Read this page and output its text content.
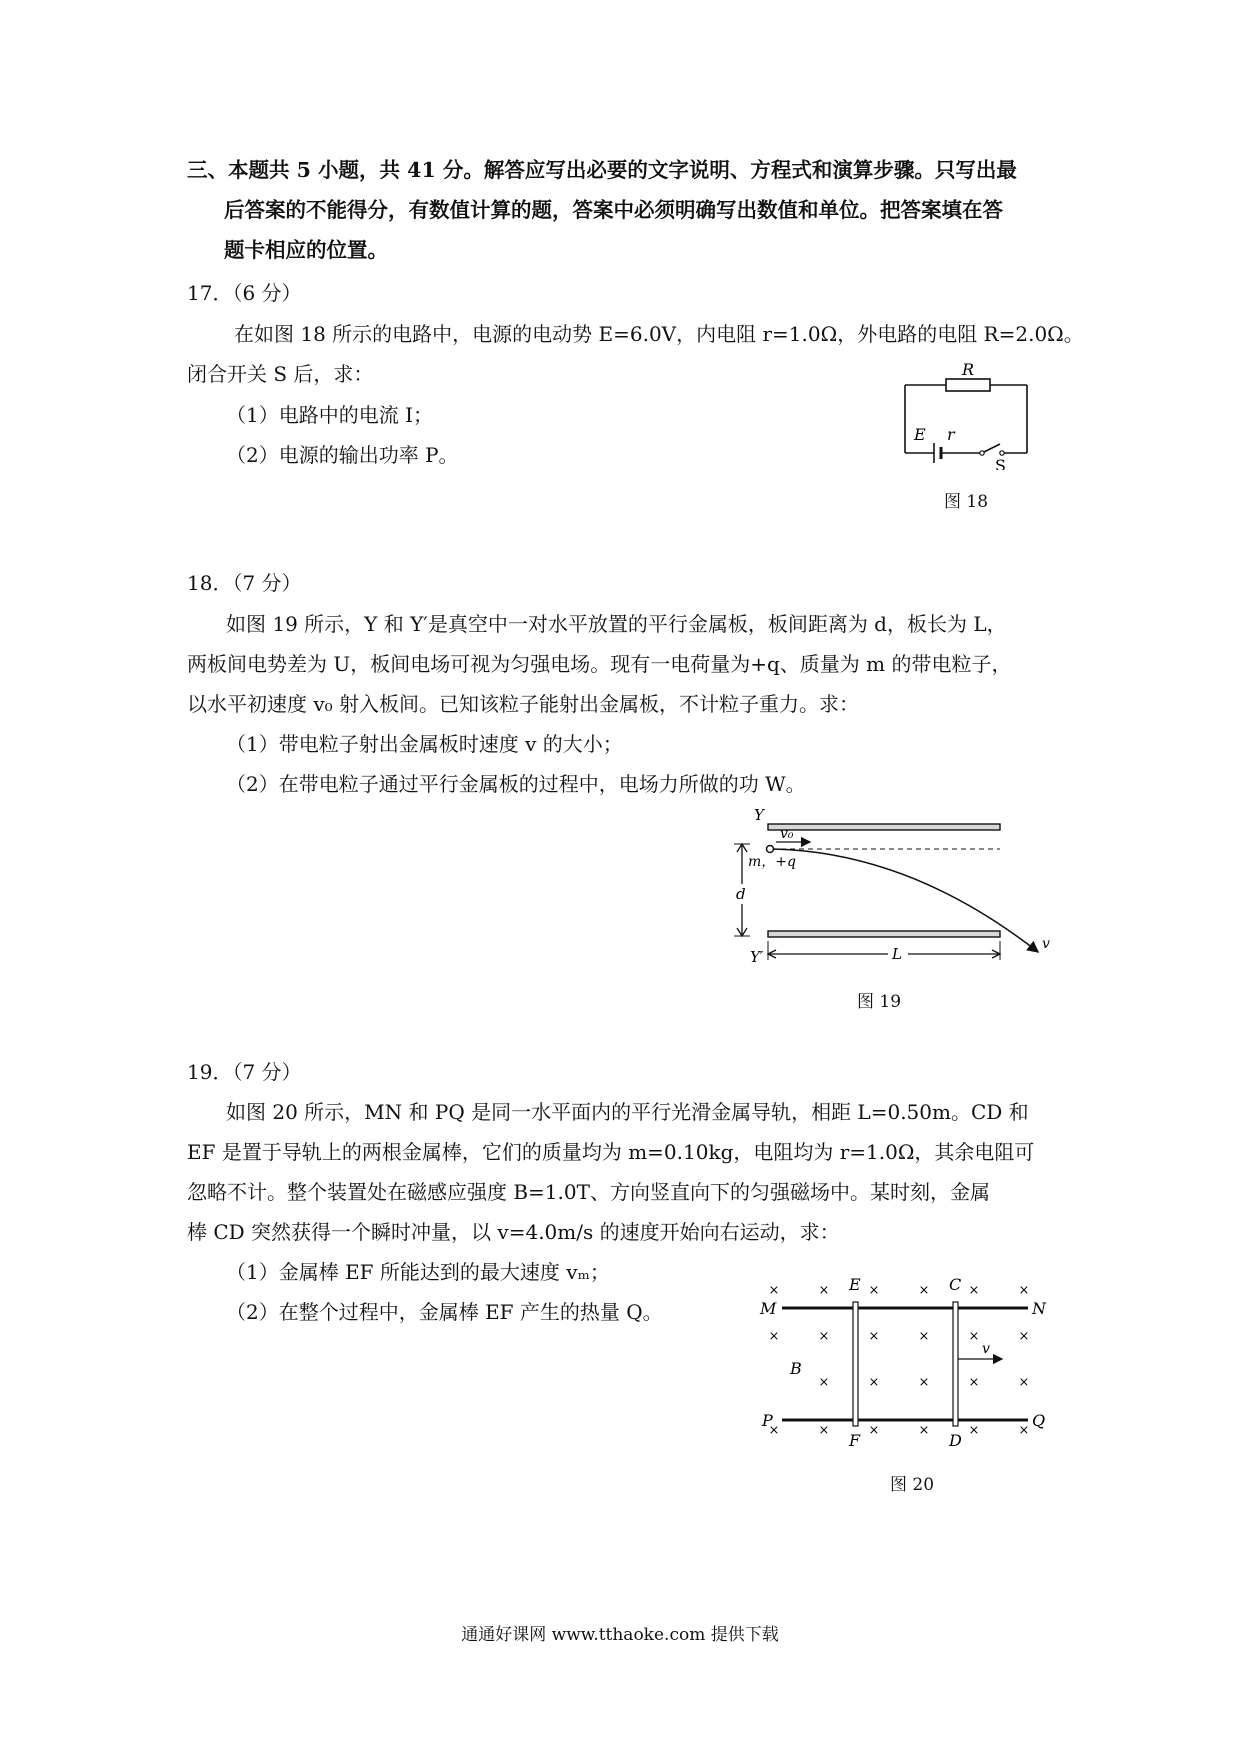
三、本题共 5 小题，共 41 分。解答应写出必要的文字说明、方程式和演算步骤。只写出最
后答案的不能得分，有数值计算的题，答案中必须明确写出数值和单位。把答案填在答
题卡相应的位置。
17．（6 分）
在如图 18 所示的电路中，电源的电动势 E=6.0V，内电阻 r=1.0Ω，外电路的电阻 R=2.0Ω。
闭合开关 S 后，求：
（1）电路中的电流 I；
（2）电源的输出功率 P。
R
E r
S
图 18
18．（7 分）
如图 19 所示，Y 和 Y′是真空中一对水平放置的平行金属板，板间距离为 d，板长为 L，
两板间电势差为 U，板间电场可视为匀强电场。现有一电荷量为+q、质量为 m 的带电粒子，
以水平初速度 v₀ 射入板间。已知该粒子能射出金属板，不计粒子重力。求：
（1）带电粒子射出金属板时速度 v 的大小；
（2）在带电粒子通过平行金属板的过程中，电场力所做的功 W。
Y
Y′
v₀
m，+q
d
L
v
图 19
19．（7 分）
如图 20 所示，MN 和 PQ 是同一水平面内的平行光滑金属导轨，相距 L=0.50m。CD 和
EF 是置于导轨上的两根金属棒，它们的质量均为 m=0.10kg，电阻均为 r=1.0Ω，其余电阻可
忽略不计。整个装置处在磁感应强度 B=1.0T、方向竖直向下的匀强磁场中。某时刻，金属
棒 CD 突然获得一个瞬时冲量，以 v=4.0m/s 的速度开始向右运动，求：
（1）金属棒 EF 所能达到的最大速度 vₘ；
（2）在整个过程中，金属棒 EF 产生的热量 Q。
×	×	×	×	×	×
×	×	×	×	×	×
×	×	×	×	×
×	×	×	×	×	×
M	N
P	Q
E
F
C
D
B
v
图 20
通通好课网 www.tthaoke.com 提供下载
